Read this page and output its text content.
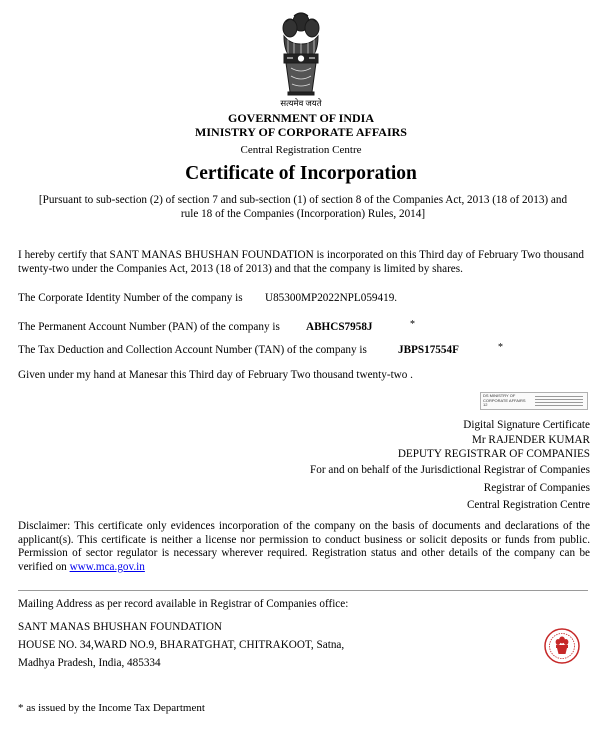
सत्यमेव जयते
GOVERNMENT OF INDIA
MINISTRY OF CORPORATE AFFAIRS
Central Registration Centre
Certificate of Incorporation
[Pursuant to sub-section (2) of section 7 and sub-section (1) of section 8 of the Companies Act, 2013 (18 of 2013) and
rule 18 of the Companies (Incorporation) Rules, 2014]
I hereby certify that SANT MANAS BHUSHAN FOUNDATION is incorporated on this Third day of February Two thousand twenty-two under the Companies Act, 2013 (18 of 2013) and that the company is limited by shares.
The Corporate Identity Number of the company is U85300MP2022NPL059419.
The Permanent Account Number (PAN) of the company is ABHCS7958J	*
The Tax Deduction and Collection Account Number (TAN) of the company is	JBPS17554F	*
Given under my hand at Manesar this Third day of February Two thousand twenty-two .
DS MINISTRY OF CORPORATE AFFAIRS 12
Digital Signature Certificate
Mr RAJENDER KUMAR
DEPUTY REGISTRAR OF COMPANIES
For and on behalf of the Jurisdictional Registrar of Companies
Registrar of Companies
Central Registration Centre
Disclaimer: This certificate only evidences incorporation of the company on the basis of documents and declarations of the applicant(s). This certificate is neither a license nor permission to conduct business or solicit deposits or funds from public. Permission of sector regulator is necessary wherever required. Registration status and other details of the company can be verified on www.mca.gov.in
Mailing Address as per record available in Registrar of Companies office:
SANT MANAS BHUSHAN FOUNDATION
HOUSE NO. 34,WARD NO.9, BHARATGHAT, CHITRAKOOT, Satna,
Madhya Pradesh, India, 485334
* as issued by the Income Tax Department
